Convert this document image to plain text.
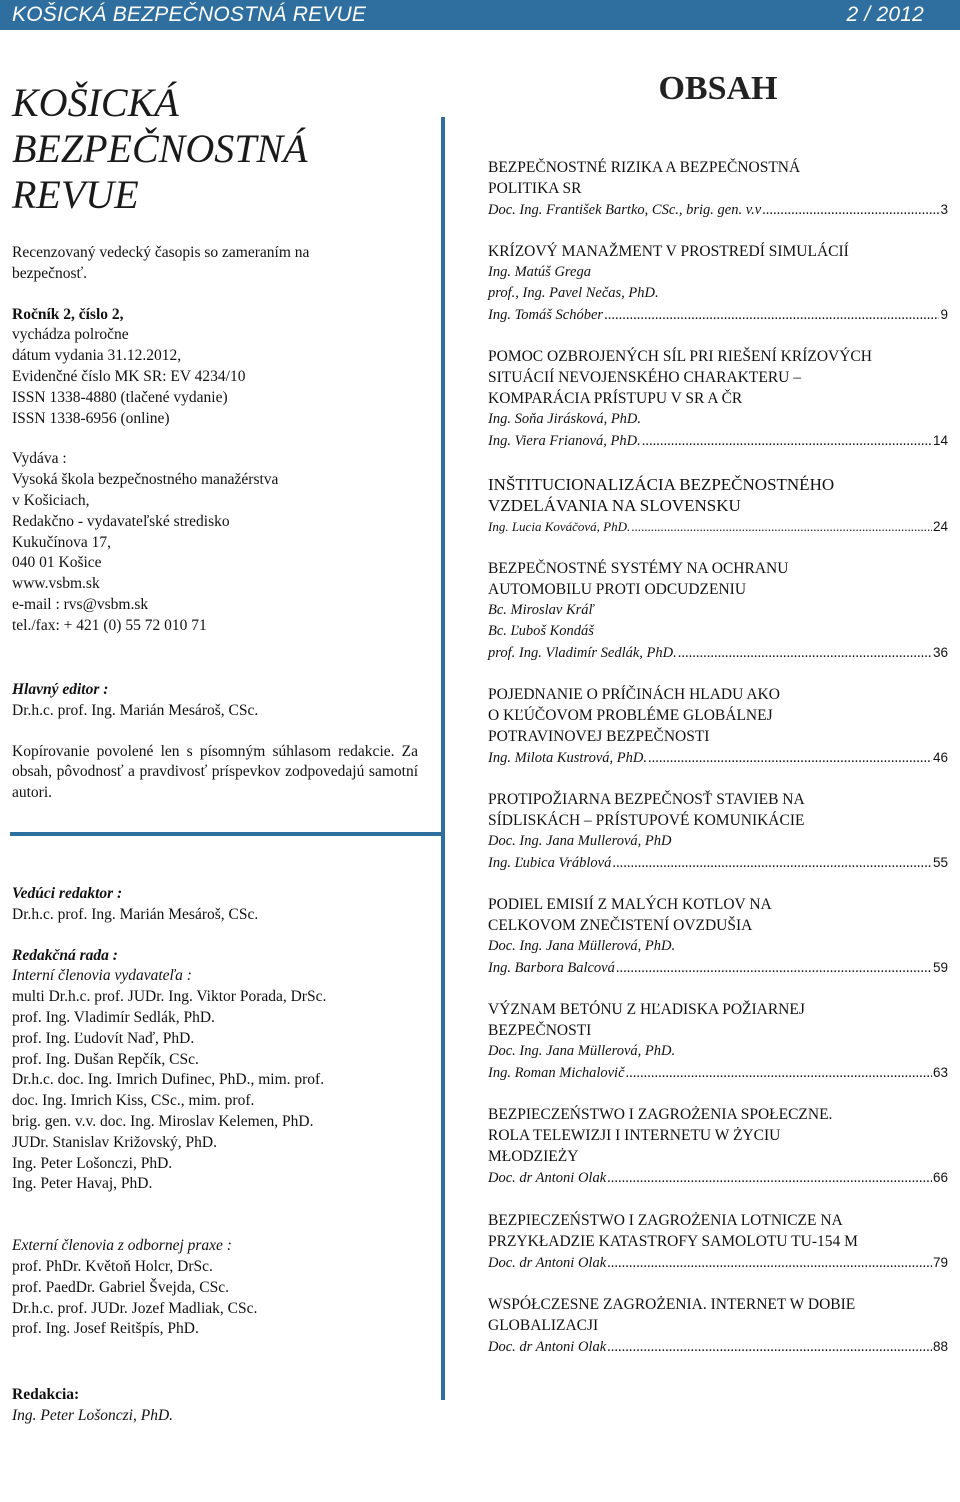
KOŠICKÁ BEZPEČNOSTNÁ REVUE	2 / 2012
KOŠICKÁ
BEZPEČNOSTNÁ
REVUE
Recenzovaný vedecký časopis so zameraním na
bezpečnosť.
Ročník 2, číslo 2,
vychádza polročne
dátum vydania 31.12.2012,
Evidenčné číslo MK SR: EV 4234/10
ISSN 1338-4880 (tlačené vydanie)
ISSN 1338-6956 (online)
Vydáva :
Vysoká škola bezpečnostného manažérstva
v Košiciach,
Redakčno - vydavateľské stredisko
Kukučínova 17,
040 01 Košice
www.vsbm.sk
e-mail : rvs@vsbm.sk
tel./fax: + 421 (0) 55 72 010 71
Hlavný editor :
Dr.h.c. prof. Ing. Marián Mesároš, CSc.
Kopírovanie povolené len s písomným súhlasom redakcie. Za obsah, pôvodnosť a pravdivosť príspevkov zodpovedajú samotní autori.
Vedúci redaktor :
Dr.h.c. prof. Ing. Marián Mesároš, CSc.
Redakčná rada :
Interní členovia vydavateľa :
multi Dr.h.c. prof. JUDr. Ing. Viktor Porada, DrSc.
prof. Ing. Vladimír Sedlák, PhD.
prof. Ing. Ľudovít Naď, PhD.
prof. Ing. Dušan Repčík, CSc.
Dr.h.c. doc. Ing. Imrich Dufinec, PhD., mim. prof.
doc. Ing. Imrich Kiss, CSc., mim. prof.
brig. gen. v.v. doc. Ing. Miroslav Kelemen, PhD.
JUDr. Stanislav Križovský, PhD.
Ing. Peter Lošonczi, PhD.
Ing. Peter Havaj, PhD.
Externí členovia z odbornej praxe :
prof. PhDr. Květoň Holcr, DrSc.
prof. PaedDr. Gabriel Švejda, CSc.
Dr.h.c. prof. JUDr. Jozef Madliak, CSc.
prof. Ing. Josef Reitšpís, PhD.
Redakcia:
Ing. Peter Lošonczi, PhD.
OBSAH
BEZPEČNOSTNÉ RIZIKA A BEZPEČNOSTNÁ
POLITIKA SR
Doc. Ing. František Bartko, CSc., brig. gen. v.v .....	3
KRÍZOVÝ MANAŽMENT V PROSTREDÍ SIMULÁCIÍ
Ing. Matúš Grega
prof., Ing. Pavel Nečas, PhD.
Ing. Tomáš Schóber .....	9
POMOC OZBROJENÝCH SÍL PRI RIEŠENÍ KRÍZOVÝCH
SITUÁCIÍ NEVOJENSKÉHO CHARAKTERU –
KOMPARÁCIA PRÍSTUPU V SR A ČR
Ing. Soňa Jirásková, PhD.
Ing. Viera Frianová, PhD. .....	14
INŠTITUCIONALIZÁCIA BEZPEČNOSTNÉHO
VZDELÁVANIA NA SLOVENSKU
Ing. Lucia Kováčová, PhD. .....	24
BEZPEČNOSTNÉ SYSTÉMY NA OCHRANU
AUTOMOBILU PROTI ODCUDZENIU
Bc. Miroslav Kráľ
Bc. Ľuboš Kondáš
prof. Ing. Vladimír Sedlák, PhD. .....	36
POJEDNANIE O PRÍČINÁCH HLADU AKO
O KĽÚČOVOM PROBLÉME GLOBÁLNEJ
POTRAVINOVEJ BEZPEČNOSTI
Ing. Milota Kustrová, PhD. .....	46
PROTIPOŽIARNA BEZPEČNOSŤ STAVIEB NA
SÍDLISKÁCH – PRÍSTUPOVÉ KOMUNIKÁCIE
Doc. Ing. Jana Mullerová, PhD
Ing. Ľubica Vráblová .....	55
PODIEL EMISIÍ Z MALÝCH KOTLOV NA
CELKOVOM ZNEČISTENÍ OVZDUŠIA
Doc. Ing. Jana Müllerová, PhD.
Ing. Barbora Balcová .....	59
VÝZNAM BETÓNU Z HĽADISKA POŽIARNEJ
BEZPEČNOSTI
Doc. Ing. Jana Müllerová, PhD.
Ing. Roman Michalovič .....	63
BEZPIECZEŃSTWO I ZAGROŻENIA SPOŁECZNE.
ROLA TELEWIZJI I INTERNETU W ŻYCIU
MŁODZIEŻY
Doc. dr Antoni Olak .....	66
BEZPIECZEŃSTWO I ZAGROŻENIA LOTNICZE NA
PRZYKŁADZIE KATASTROFY SAMOLOTU TU-154 M
Doc. dr Antoni Olak .....	79
WSPÓŁCZESNE ZAGROŻENIA. INTERNET W DOBIE
GLOBALIZACJI
Doc. dr Antoni Olak .....	88
